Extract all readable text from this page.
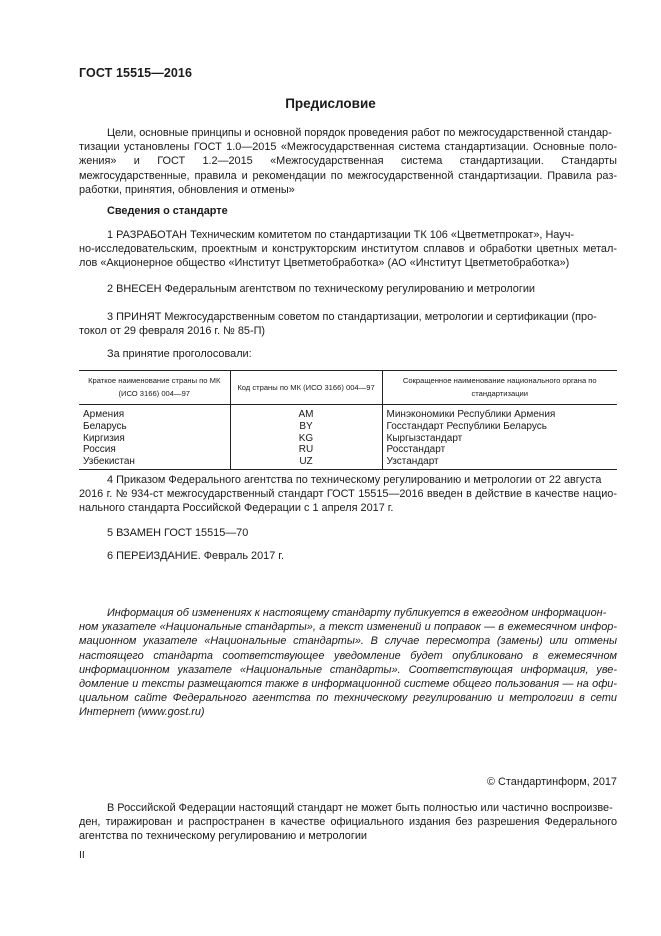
ГОСТ 15515—2016
Предисловие
Цели, основные принципы и основной порядок проведения работ по межгосударственной стандар-
тизации установлены ГОСТ 1.0—2015 «Межгосударственная система стандартизации. Основные положения» и ГОСТ 1.2—2015 «Межгосударственная система стандартизации. Стандарты межгосударственные, правила и рекомендации по межгосударственной стандартизации. Правила разработки, принятия, обновления и отмены»
Сведения о стандарте
1 РАЗРАБОТАН Техническим комитетом по стандартизации ТК 106 «Цветметпрокат», Науч-
но-исследовательским, проектным и конструкторским институтом сплавов и обработки цветных металлов «Акционерное общество «Институт Цветметобработка» (АО «Институт Цветметобработка»)
2 ВНЕСЕН Федеральным агентством по техническому регулированию и метрологии
3 ПРИНЯТ Межгосударственным советом по стандартизации, метрологии и сертификации (про-
токол от 29 февраля 2016 г. № 85-П)
За принятие проголосовали:
Краткое наименование страны по МК (ИСО 3166) 004—97	Код страны по МК (ИСО 3166) 004—97	Сокращенное наименование национального органа по стандартизации
Армения	AM	Минэкономики Республики Армения
Беларусь	BY	Госстандарт Республики Беларусь
Киргизия	KG	Кыргызстандарт
Россия	RU	Росстандарт
Узбекистан	UZ	Узстандарт
4 Приказом Федерального агентства по техническому регулированию и метрологии от 22 августа
2016 г. № 934-ст межгосударственный стандарт ГОСТ 15515—2016 введен в действие в качестве национального стандарта Российской Федерации с 1 апреля 2017 г.
5 ВЗАМЕН ГОСТ 15515—70
6 ПЕРЕИЗДАНИЕ. Февраль 2017 г.
Информация об изменениях к настоящему стандарту публикуется в ежегодном информацион-
ном указателе «Национальные стандарты», а текст изменений и поправок — в ежемесячном информационном указателе «Национальные стандарты». В случае пересмотра (замены) или отмены настоящего стандарта соответствующее уведомление будет опубликовано в ежемесячном информационном указателе «Национальные стандарты». Соответствующая информация, уведомление и тексты размещаются также в информационной системе общего пользования — на официальном сайте Федерального агентства по техническому регулированию и метрологии в сети Интернет (www.gost.ru)
© Стандартинформ, 2017
В Российской Федерации настоящий стандарт не может быть полностью или частично воспроизве-
ден, тиражирован и распространен в качестве официального издания без разрешения Федерального агентства по техническому регулированию и метрологии
II
